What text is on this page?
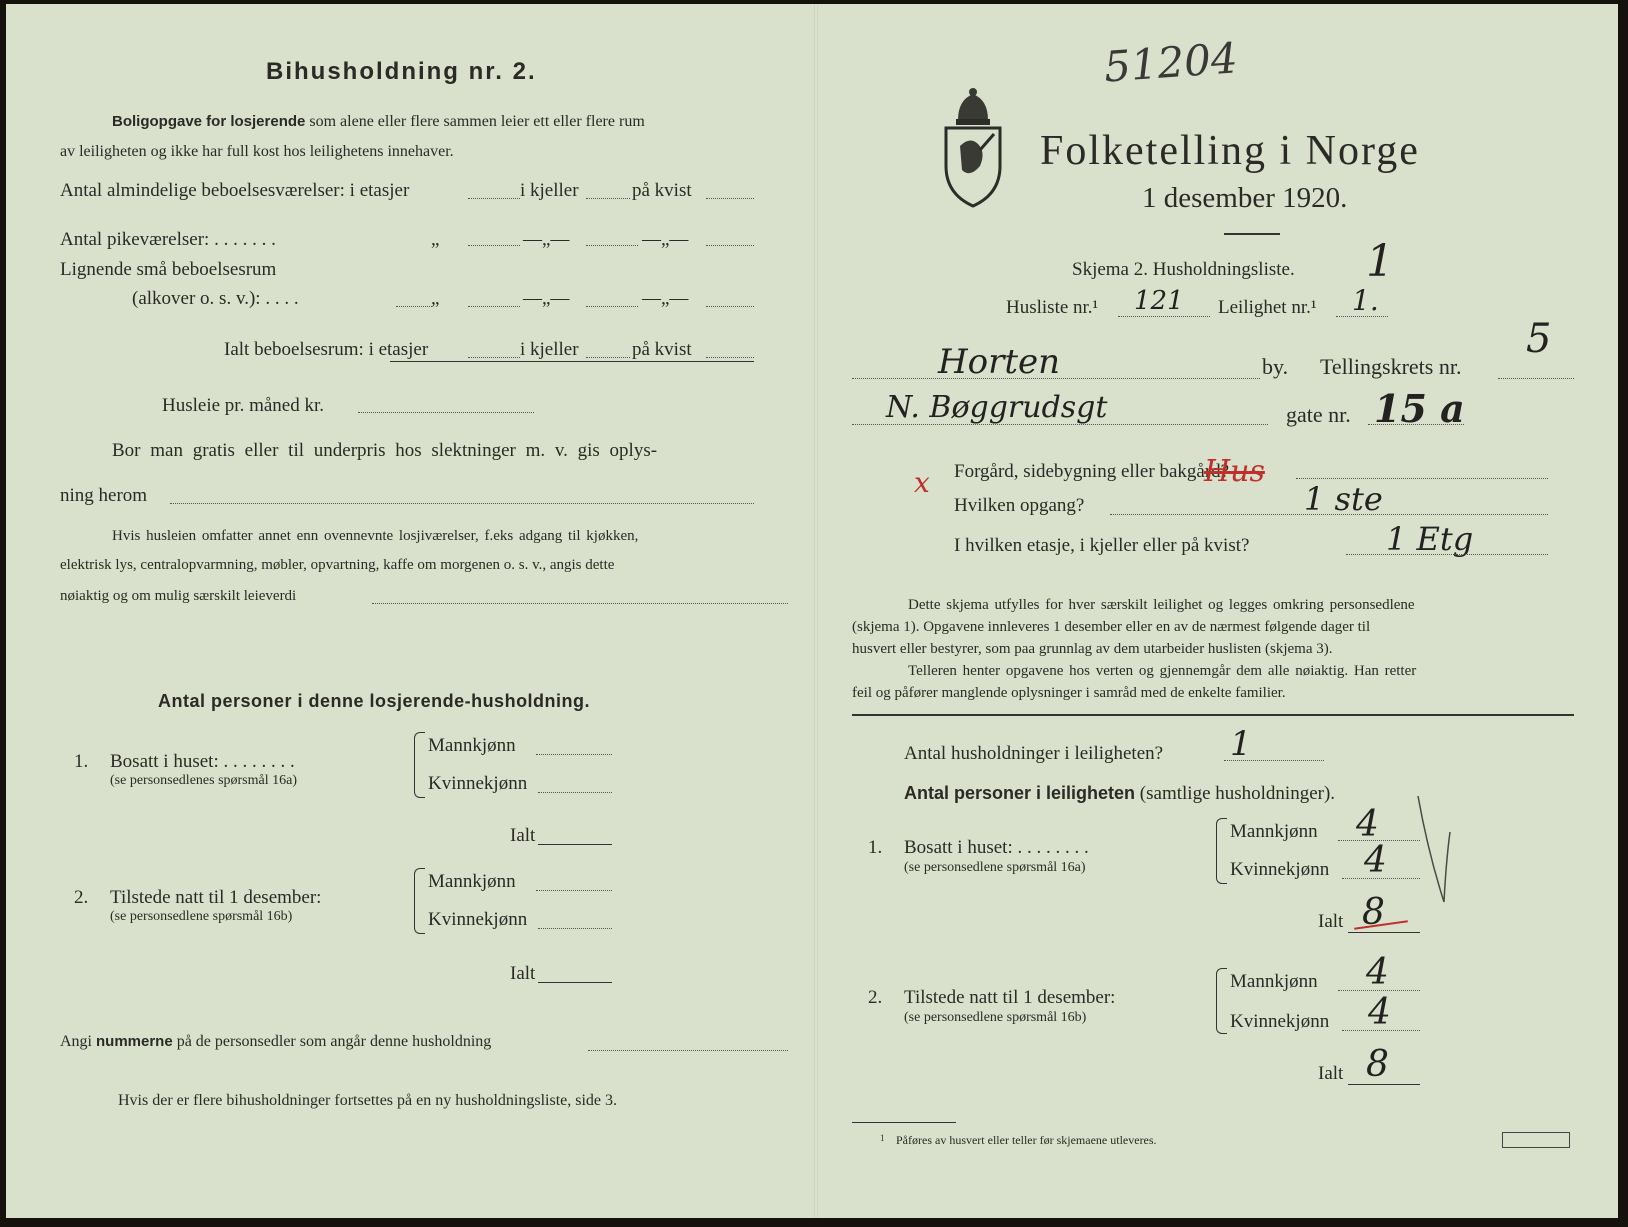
Bihusholdning nr. 2.
Boligopgave for losjerende som alene eller flere sammen leier ett eller flere rum
av leiligheten og ikke har full kost hos leilighetens innehaver.
Antal almindelige beboelsesværelser: i etasjer	i kjeller	på kvist
Antal pikeværelser: . . . . . . .	„	—„—	—„—
Lignende små beboelsesrum
(alkover o. s. v.): . . . .	„	—„—	—„—
Ialt beboelsesrum: i etasjer	i kjeller	på kvist
Husleie pr. måned kr.
Bor man gratis eller til underpris hos slektninger m. v. gis oplys-
ning herom
Hvis husleien omfatter annet enn ovennevnte losjiværelser, f.eks adgang til kjøkken,
elektrisk lys, centralopvarmning, møbler, opvartning, kaffe om morgenen o. s. v., angis dette
nøiaktig og om mulig særskilt leieverdi
Antal personer i denne losjerende-husholdning.
1. Bosatt i huset: . . . . . . . .
(se personsedlenes spørsmål 16a)
Mannkjønn
Kvinnekjønn
Ialt
2. Tilstede natt til 1 desember:
(se personsedlene spørsmål 16b)
Mannkjønn
Kvinnekjønn
Ialt
Angi nummerne på de personsedler som angår denne husholdning
Hvis der er flere bihusholdninger fortsettes på en ny husholdningsliste, side 3.
51204
Folketelling i Norge
1 desember 1920.
Skjema 2. Husholdningsliste. 1
Husliste nr.¹ 121 Leilighet nr.¹ 1.
Horten	by. Tellingskrets nr.
5
N. Bøggrudsgt	gate nr. 15 a
x Forgård, sidebygning eller bakgård?
Hus
Hvilken opgang?	1 ste
I hvilken etasje, i kjeller eller på kvist?	1 Etg
Dette skjema utfylles for hver særskilt leilighet og legges omkring personsedlene
(skjema 1). Opgavene innleveres 1 desember eller en av de nærmest følgende dager til
husvert eller bestyrer, som paa grunnlag av dem utarbeider huslisten (skjema 3).
Telleren henter opgavene hos verten og gjennemgår dem alle nøiaktig. Han retter
feil og påfører manglende oplysninger i samråd med de enkelte familier.
Antal husholdninger i leiligheten? 1
Antal personer i leiligheten (samtlige husholdninger).
1. Bosatt i huset: . . . . . . . .
(se personsedlene spørsmål 16a)
Mannkjønn 4
Kvinnekjønn 4
Ialt 8
2. Tilstede natt til 1 desember:
(se personsedlene spørsmål 16b)
Mannkjønn 4
Kvinnekjønn 4
Ialt 8
1 Påføres av husvert eller teller før skjemaene utleveres.
